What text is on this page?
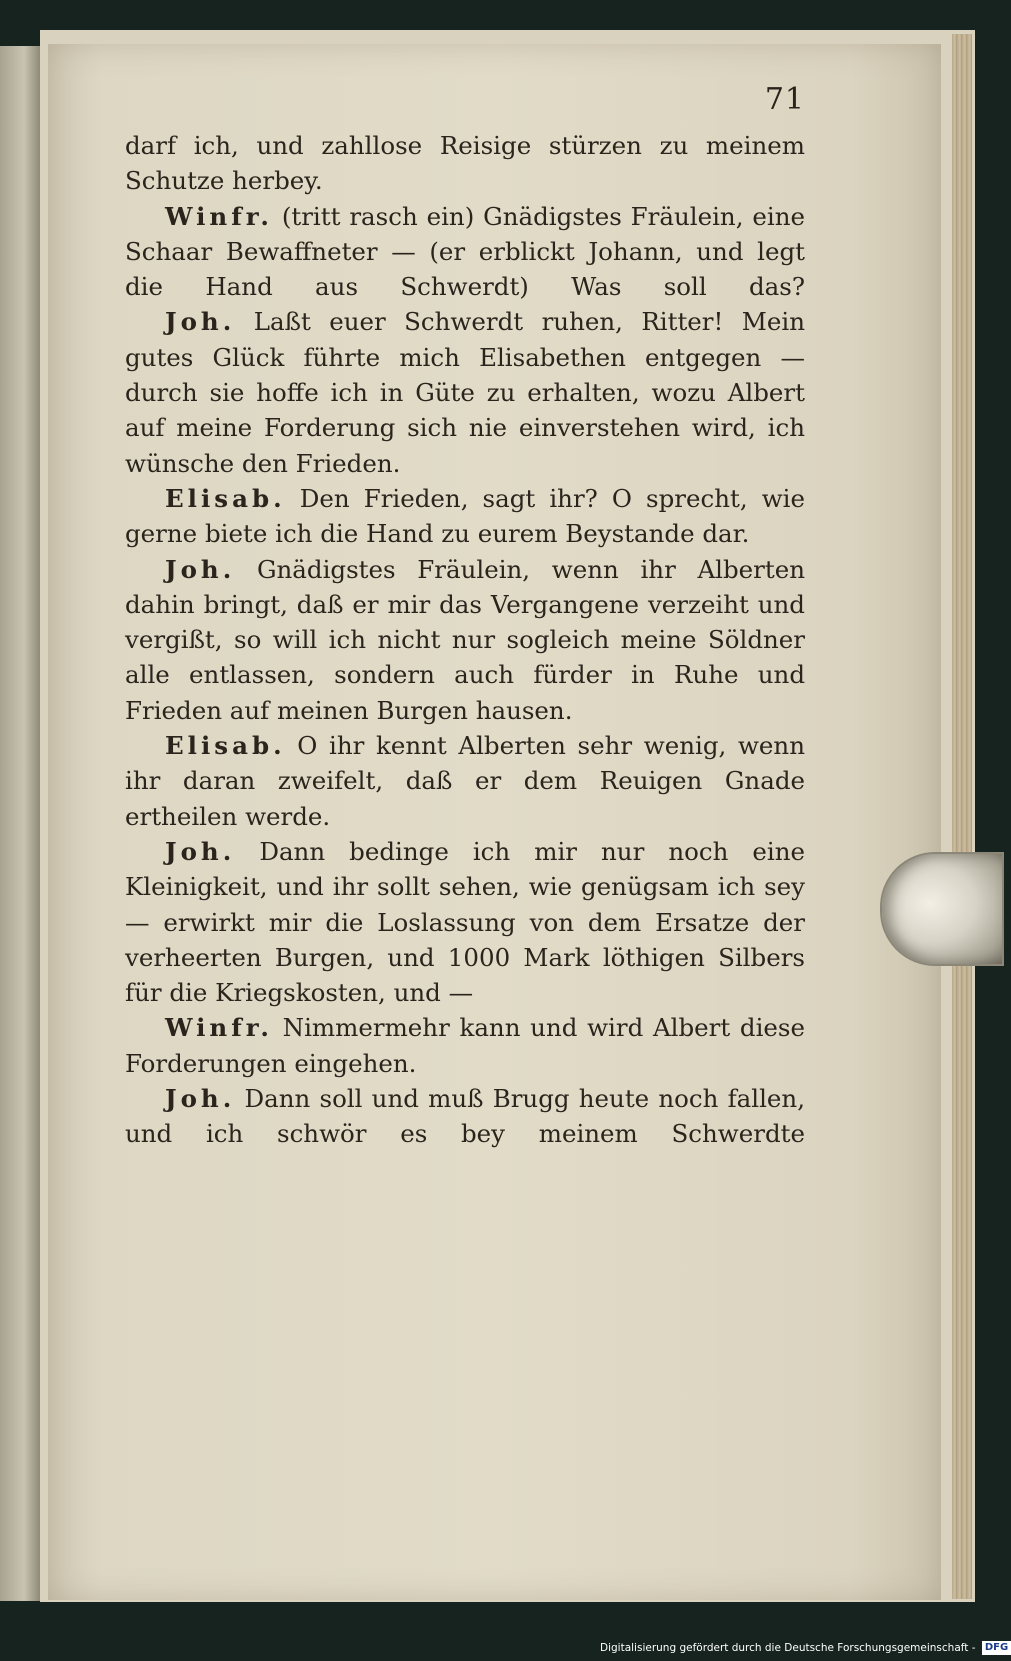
71

darf ich, und zahllose Reisige stürzen zu meinem Schutze herbey.

Winfr. (tritt rasch ein) Gnädigstes Fräulein, eine Schaar Bewaffneter — (er erblickt Johann, und legt die Hand aus Schwerdt) Was soll das?

Joh. Laßt euer Schwerdt ruhen, Ritter! Mein gutes Glück führte mich Elisabethen entgegen — durch sie hoffe ich in Güte zu erhalten, wozu Albert auf meine Forderung sich nie einverstehen wird, ich wünsche den Frieden.

Elisab. Den Frieden, sagt ihr? O sprecht, wie gerne biete ich die Hand zu eurem Beystande dar.

Joh. Gnädigstes Fräulein, wenn ihr Alberten dahin bringt, daß er mir das Vergangene verzeiht und vergißt, so will ich nicht nur sogleich meine Söldner alle entlassen, sondern auch fürder in Ruhe und Frieden auf meinen Burgen hausen.

Elisab. O ihr kennt Alberten sehr wenig, wenn ihr daran zweifelt, daß er dem Reuigen Gnade ertheilen werde.

Joh. Dann bedinge ich mir nur noch eine Kleinigkeit, und ihr sollt sehen, wie genügsam ich sey — erwirkt mir die Loslassung von dem Ersatze der verheerten Burgen, und 1000 Mark löthigen Silbers für die Kriegskosten, und —

Winfr. Nimmermehr kann und wird Albert diese Forderungen eingehen.

Joh. Dann soll und muß Brugg heute noch fallen, und ich schwör es bey meinem Schwerdte

Digitalisierung gefördert durch die Deutsche Forschungsgemeinschaft - DFG
